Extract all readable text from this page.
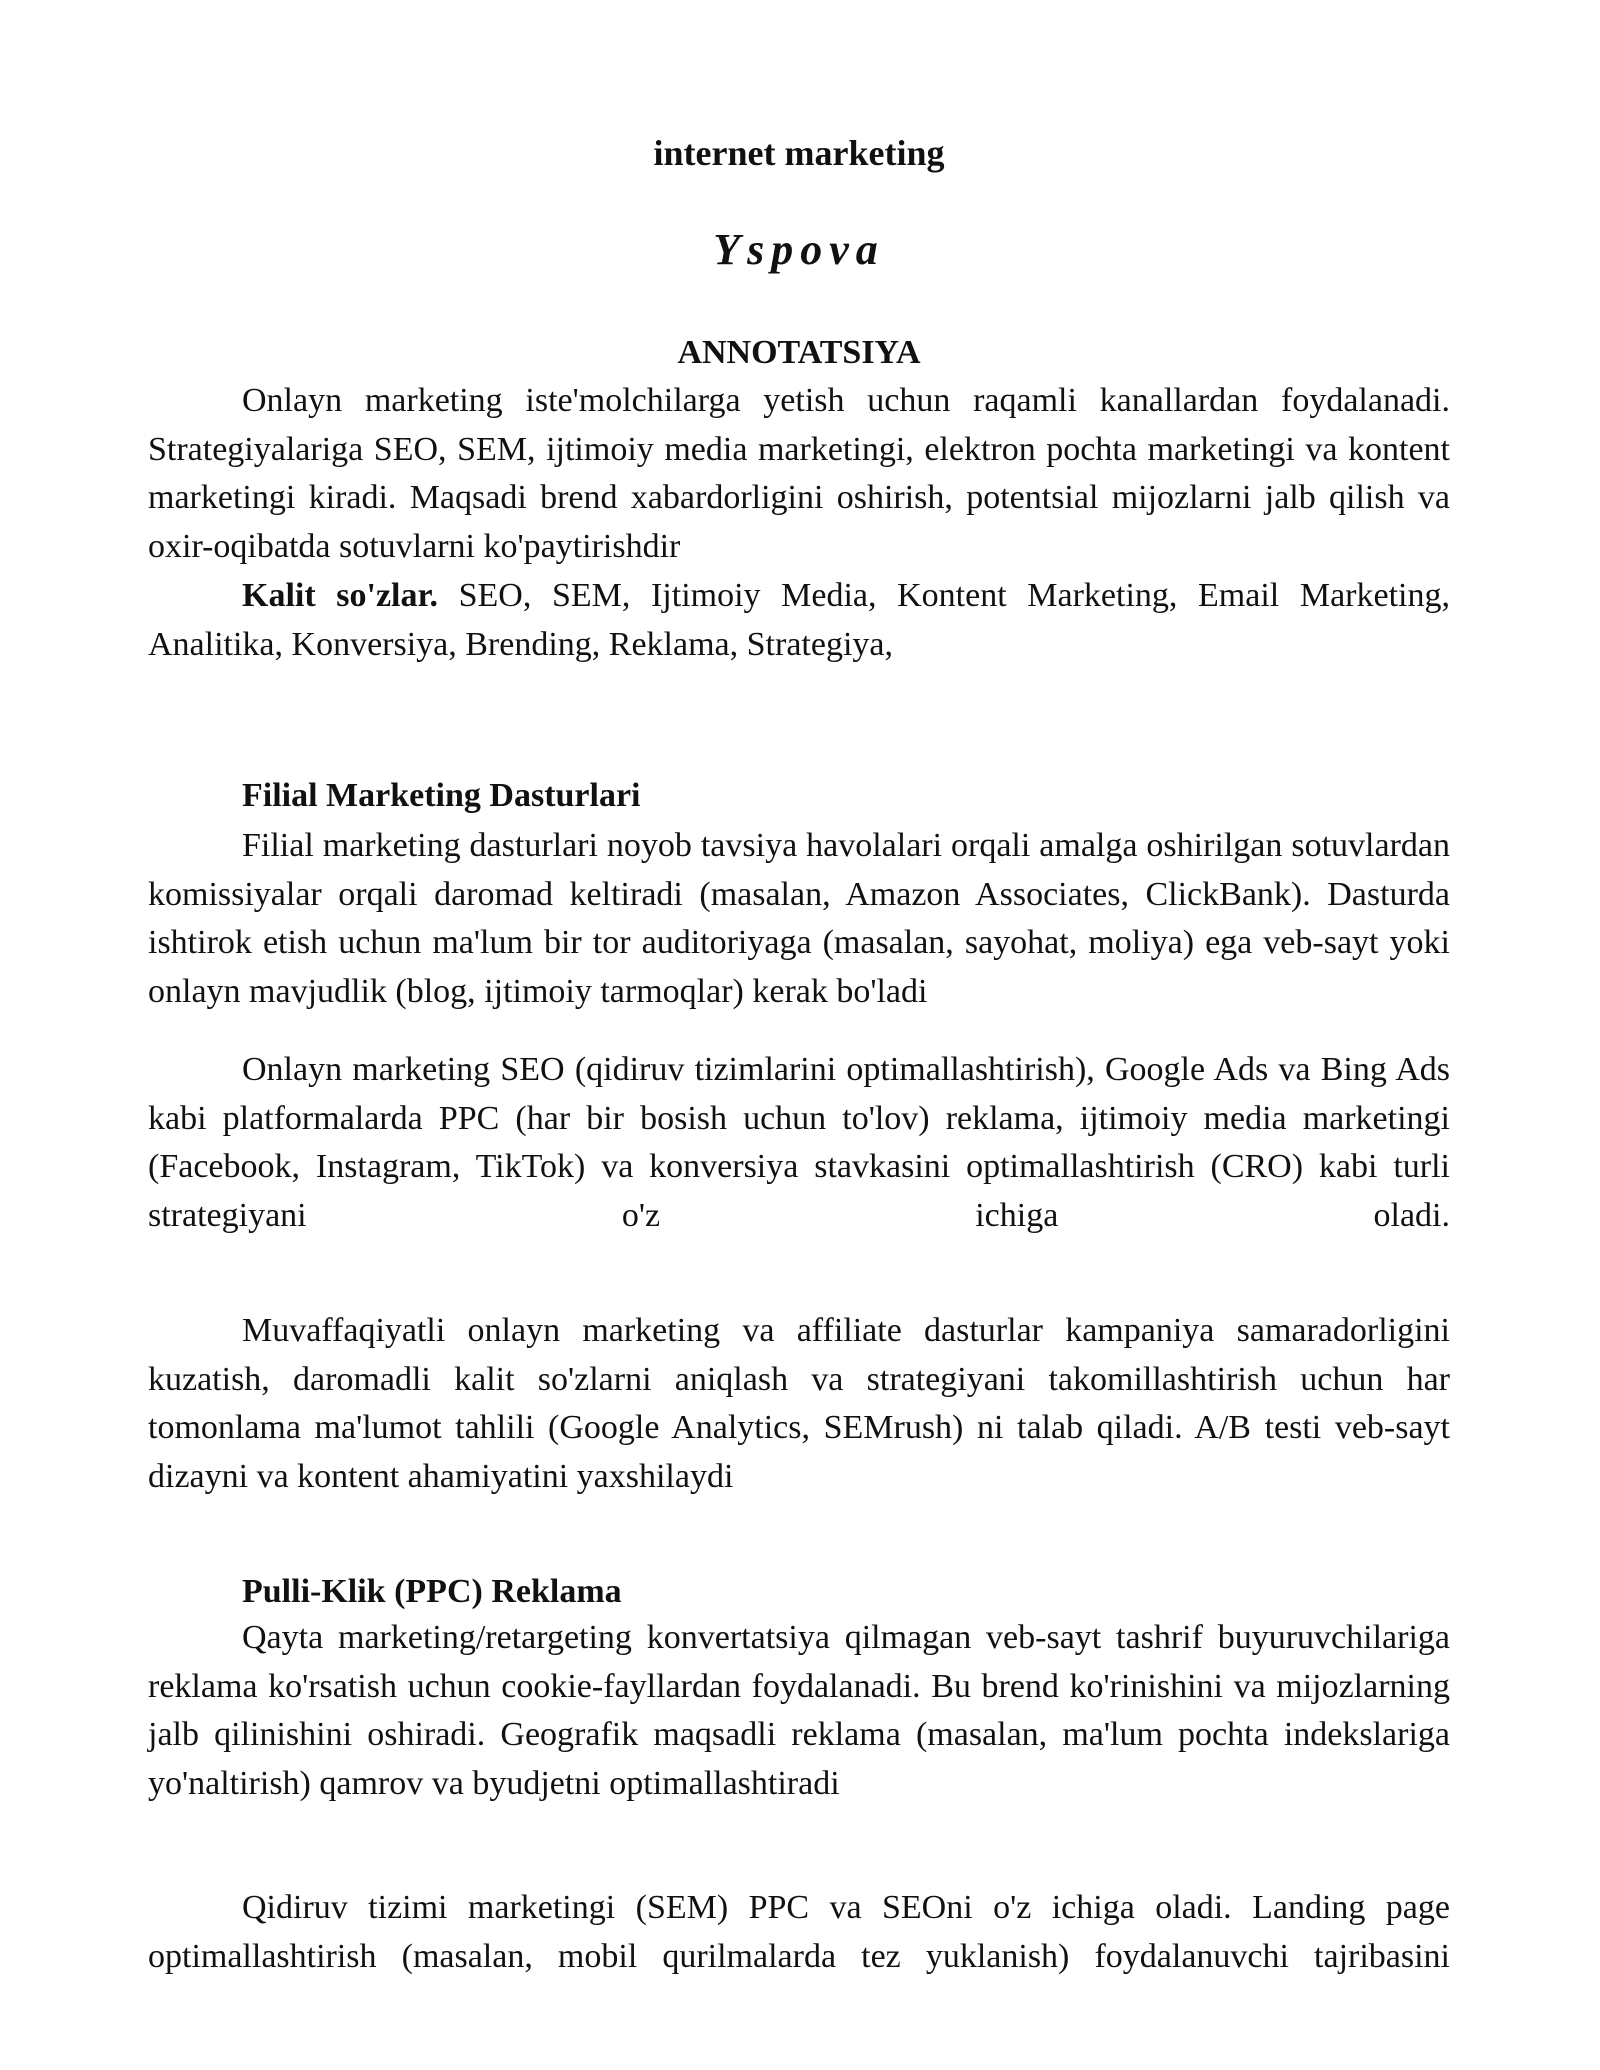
internet marketing
Yspova
ANNOTATSIYA

Onlayn marketing iste'molchilarga yetish uchun raqamli kanallardan foydalanadi. Strategiyalariga SEO, SEM, ijtimoiy media marketingi, elektron pochta marketingi va kontent marketingi kiradi. Maqsadi brend xabardorligini oshirish, potentsial mijozlarni jalb qilish va oxir-oqibatda sotuvlarni ko'paytirishdir

Kalit so'zlar. SEO, SEM, Ijtimoiy Media, Kontent Marketing, Email Marketing, Analitika, Konversiya, Brending, Reklama, Strategiya,

Filial Marketing Dasturlari

Filial marketing dasturlari noyob tavsiya havolalari orqali amalga oshirilgan sotuvlardan komissiyalar orqali daromad keltiradi (masalan, Amazon Associates, ClickBank). Dasturda ishtirok etish uchun ma'lum bir tor auditoriyaga (masalan, sayohat, moliya) ega veb-sayt yoki onlayn mavjudlik (blog, ijtimoiy tarmoqlar) kerak bo'ladi

Onlayn marketing SEO (qidiruv tizimlarini optimallashtirish), Google Ads va Bing Ads kabi platformalarda PPC (har bir bosish uchun to'lov) reklama, ijtimoiy media marketingi (Facebook, Instagram, TikTok) va konversiya stavkasini optimallashtirish (CRO) kabi turli strategiyani o'z ichiga oladi.

Muvaffaqiyatli onlayn marketing va affiliate dasturlar kampaniya samaradorligini kuzatish, daromadli kalit so'zlarni aniqlash va strategiyani takomillashtirish uchun har tomonlama ma'lumot tahlili (Google Analytics, SEMrush) ni talab qiladi. A/B testi veb-sayt dizayni va kontent ahamiyatini yaxshilaydi

Pulli-Klik (PPC) Reklama

Qayta marketing/retargeting konvertatsiya qilmagan veb-sayt tashrif buyuruvchilariga reklama ko'rsatish uchun cookie-fayllardan foydalanadi. Bu brend ko'rinishini va mijozlarning jalb qilinishini oshiradi. Geografik maqsadli reklama (masalan, ma'lum pochta indekslariga yo'naltirish) qamrov va byudjetni optimallashtiradi

Qidiruv tizimi marketingi (SEM) PPC va SEOni o'z ichiga oladi. Landing page optimallashtirish (masalan, mobil qurilmalarda tez yuklanish) foydalanuvchi tajribasini
